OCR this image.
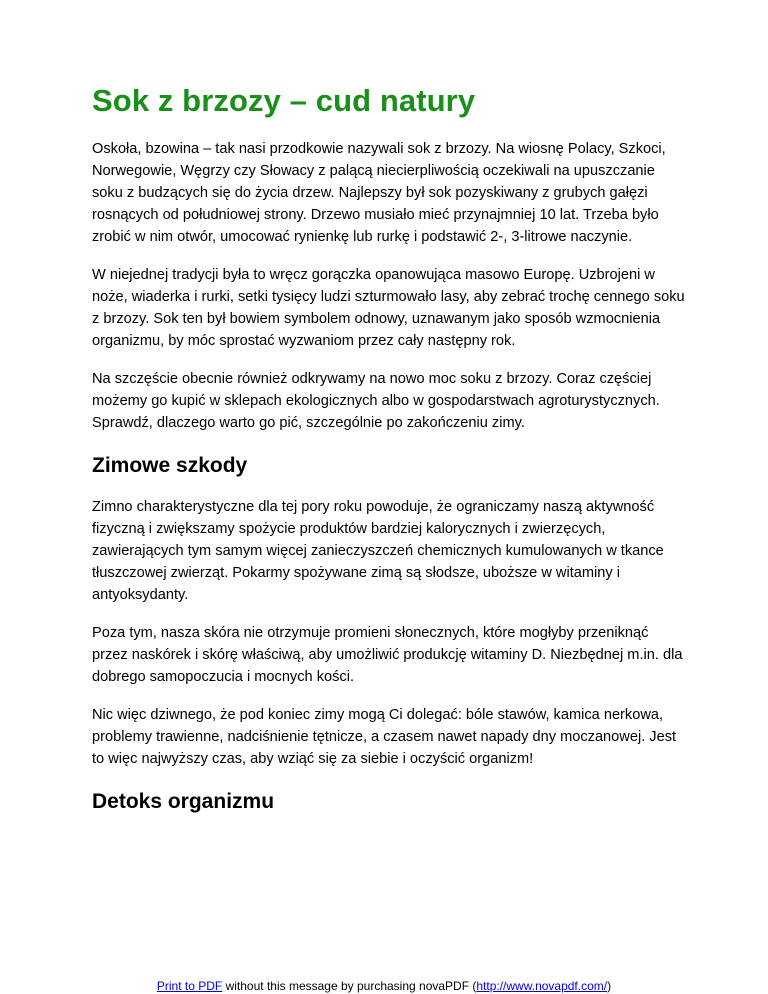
Sok z brzozy – cud natury

Oskoła, bzowina – tak nasi przodkowie nazywali sok z brzozy. Na wiosnę Polacy, Szkoci, Norwegowie, Węgrzy czy Słowacy z palącą niecierpliwością oczekiwali na upuszczanie soku z budzących się do życia drzew. Najlepszy był sok pozyskiwany z grubych gałęzi rosnących od południowej strony. Drzewo musiało mieć przynajmniej 10 lat. Trzeba było zrobić w nim otwór, umocować rynienkę lub rurkę i podstawić 2-, 3-litrowe naczynie.

W niejednej tradycji była to wręcz gorączka opanowująca masowo Europę. Uzbrojeni w noże, wiaderka i rurki, setki tysięcy ludzi szturmowało lasy, aby zebrać trochę cennego soku z brzozy. Sok ten był bowiem symbolem odnowy, uznawanym jako sposób wzmocnienia organizmu, by móc sprostać wyzwaniom przez cały następny rok.

Na szczęście obecnie również odkrywamy na nowo moc soku z brzozy. Coraz częściej możemy go kupić w sklepach ekologicznych albo w gospodarstwach agroturystycznych. Sprawdź, dlaczego warto go pić, szczególnie po zakończeniu zimy.

Zimowe szkody

Zimno charakterystyczne dla tej pory roku powoduje, że ograniczamy naszą aktywność fizyczną i zwiększamy spożycie produktów bardziej kalorycznych i zwierzęcych, zawierających tym samym więcej zanieczyszczeń chemicznych kumulowanych w tkance tłuszczowej zwierząt. Pokarmy spożywane zimą są słodsze, uboższe w witaminy i antyoksydanty.

Poza tym, nasza skóra nie otrzymuje promieni słonecznych, które mogłyby przeniknąć przez naskórek i skórę właściwą, aby umożliwić produkcję witaminy D. Niezbędnej m.in. dla dobrego samopoczucia i mocnych kości.

Nic więc dziwnego, że pod koniec zimy mogą Ci dolegać: bóle stawów, kamica nerkowa, problemy trawienne, nadciśnienie tętnicze, a czasem nawet napady dny moczanowej. Jest to więc najwyższy czas, aby wziąć się za siebie i oczyścić organizm!

Detoks organizmu
Print to PDF without this message by purchasing novaPDF (http://www.novapdf.com/)
